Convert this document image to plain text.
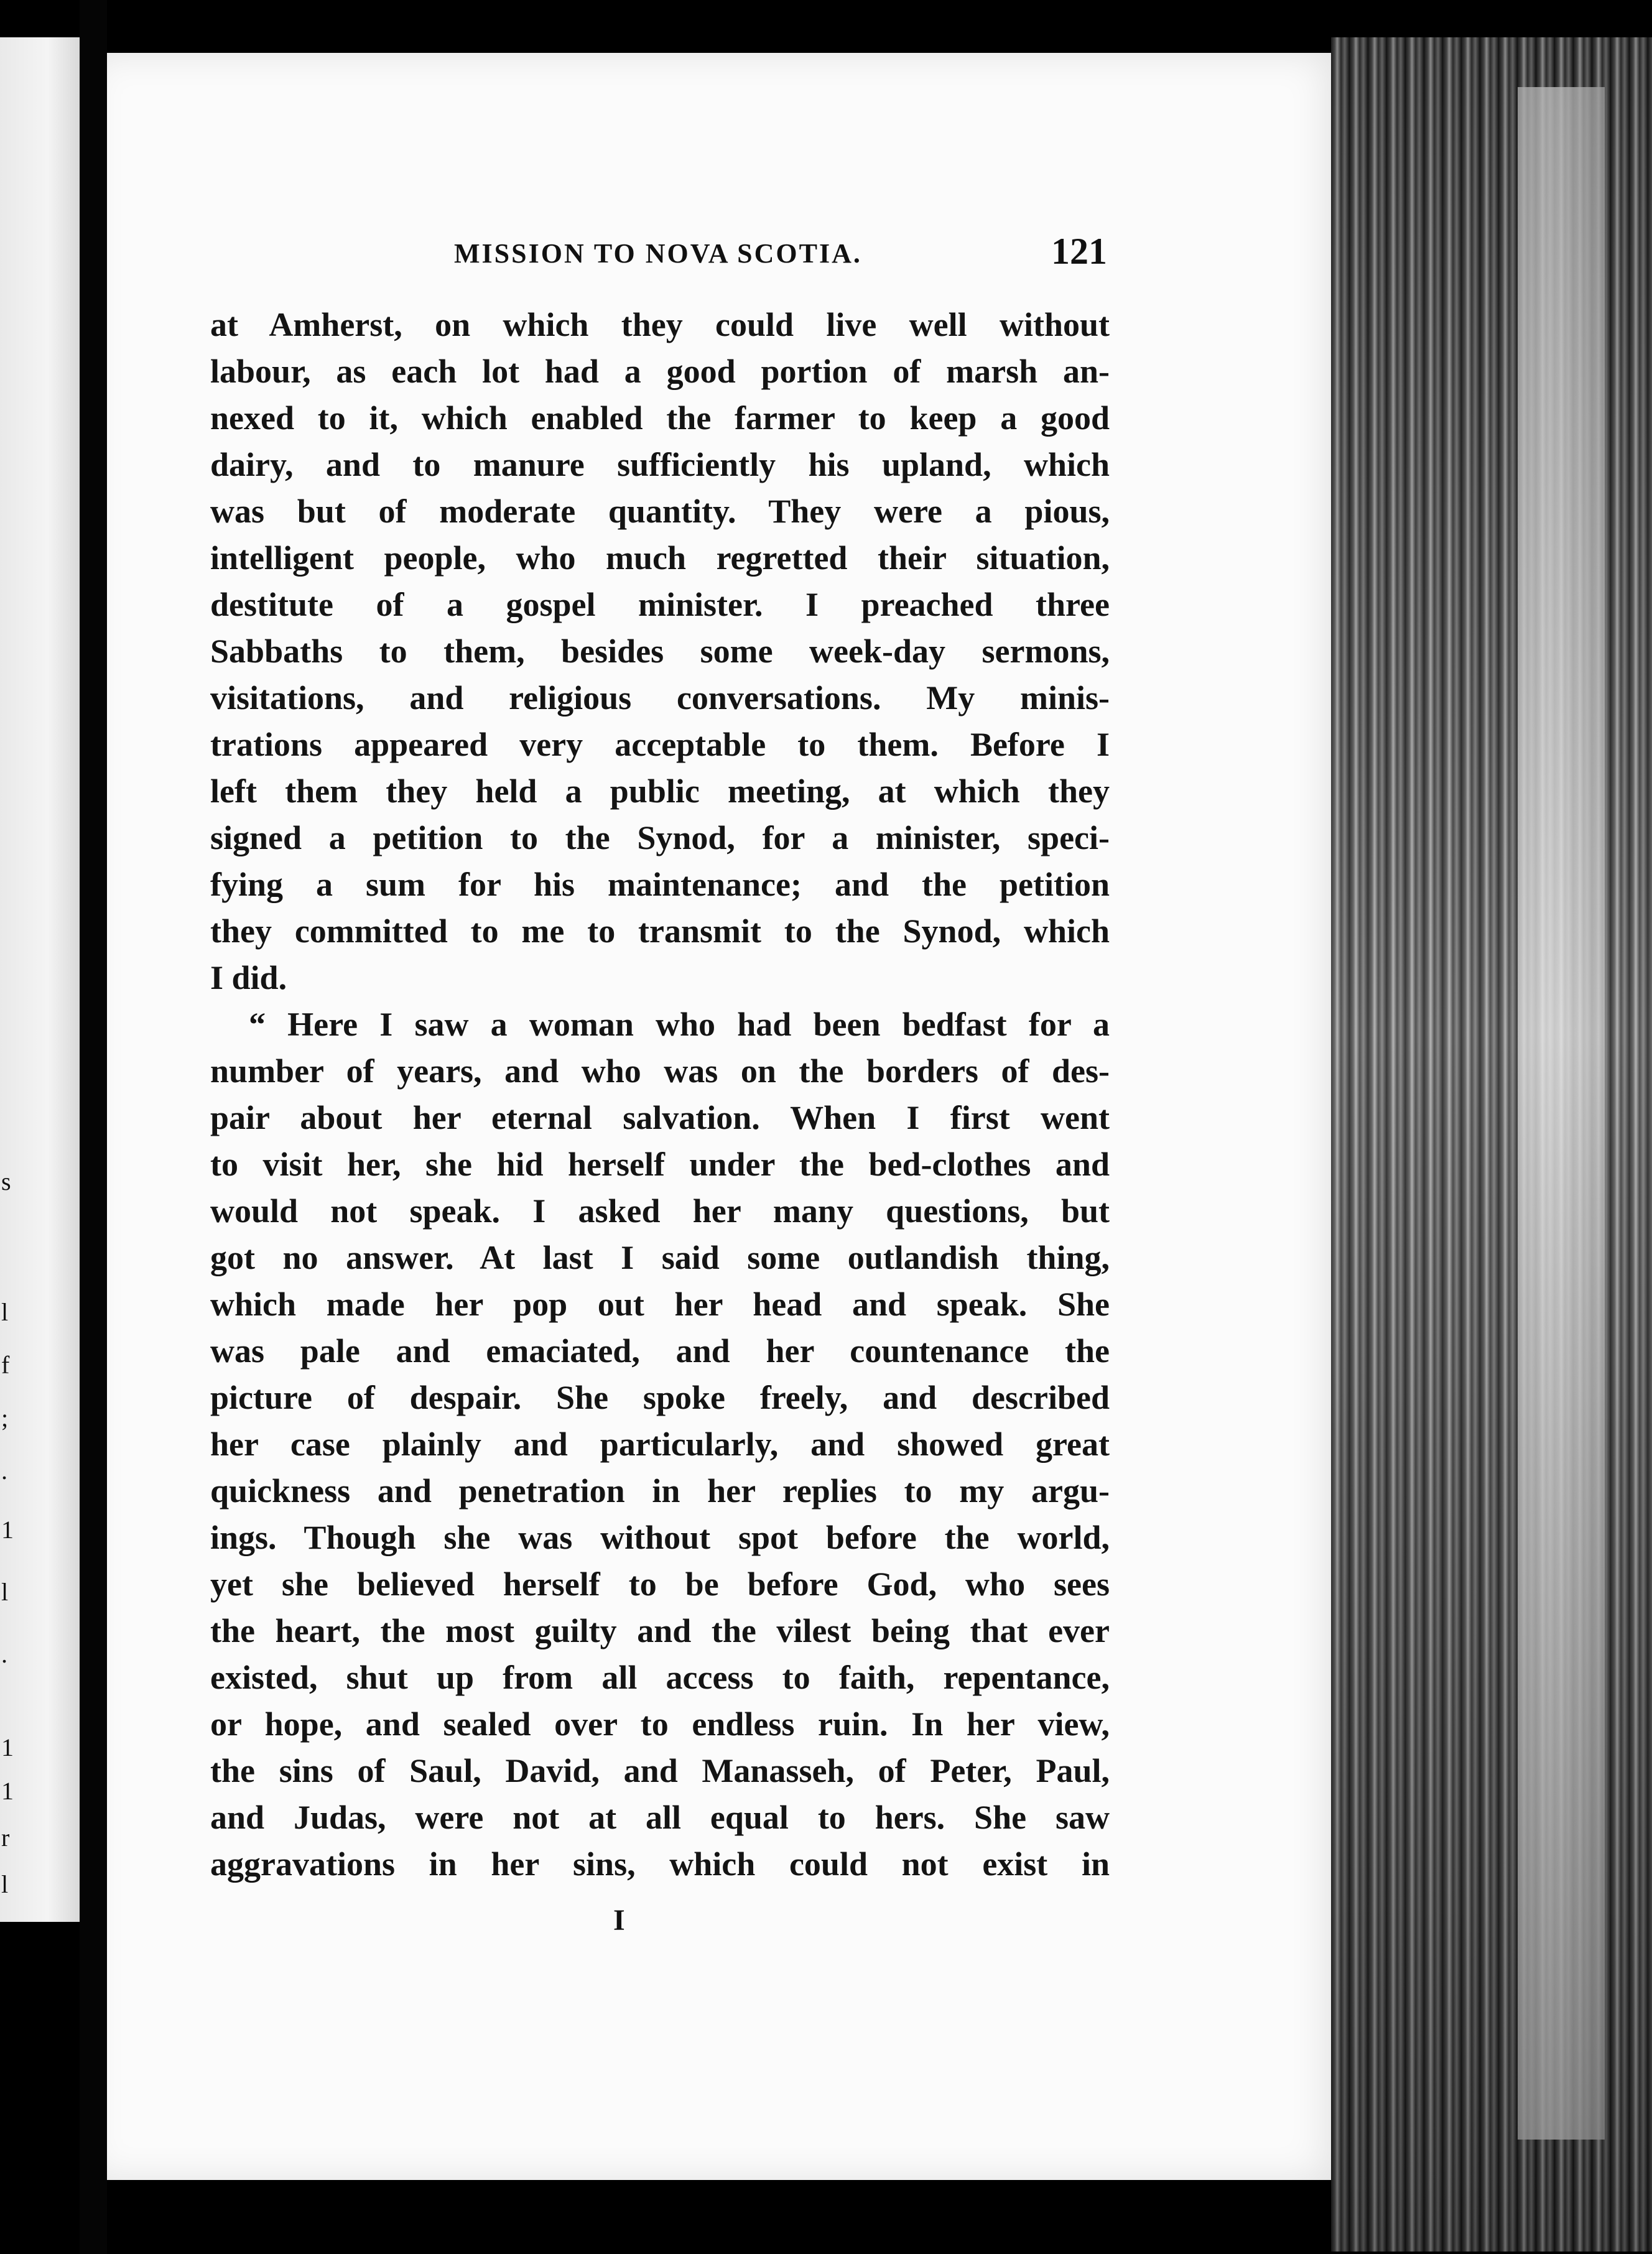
s
l
f
;
.
1
l
.
1
1
r
l
MISSION TO NOVA SCOTIA.	121
at Amherst, on which they could live well without
labour, as each lot had a good portion of marsh an-
nexed to it, which enabled the farmer to keep a good
dairy, and to manure sufficiently his upland, which
was but of moderate quantity. They were a pious,
intelligent people, who much regretted their situation,
destitute of a gospel minister. I preached three
Sabbaths to them, besides some week-day sermons,
visitations, and religious conversations. My minis-
trations appeared very acceptable to them. Before I
left them they held a public meeting, at which they
signed a petition to the Synod, for a minister, speci-
fying a sum for his maintenance; and the petition
they committed to me to transmit to the Synod, which
I did.
“ Here I saw a woman who had been bedfast for a
number of years, and who was on the borders of des-
pair about her eternal salvation. When I first went
to visit her, she hid herself under the bed-clothes and
would not speak. I asked her many questions, but
got no answer. At last I said some outlandish thing,
which made her pop out her head and speak. She
was pale and emaciated, and her countenance the
picture of despair. She spoke freely, and described
her case plainly and particularly, and showed great
quickness and penetration in her replies to my argu-
ings. Though she was without spot before the world,
yet she believed herself to be before God, who sees
the heart, the most guilty and the vilest being that ever
existed, shut up from all access to faith, repentance,
or hope, and sealed over to endless ruin. In her view,
the sins of Saul, David, and Manasseh, of Peter, Paul,
and Judas, were not at all equal to hers. She saw
aggravations in her sins, which could not exist in
I
